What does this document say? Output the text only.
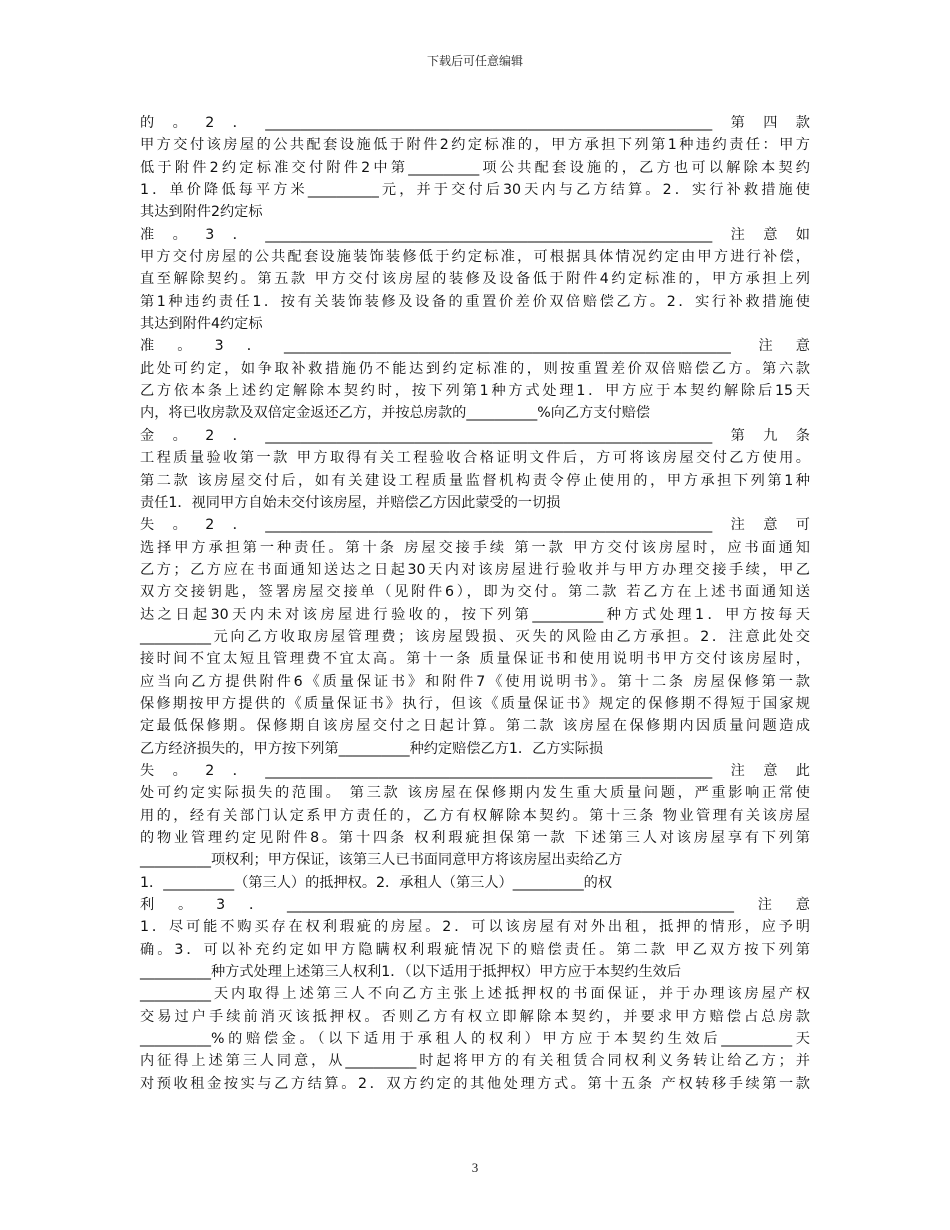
下载后可任意编辑
的。2．_______________________________________________________________第四款
甲方交付该房屋的公共配套设施低于附件2约定标准的，甲方承担下列第1种违约责任：甲方
低于附件2约定标准交付附件2中第__________项公共配套设施的，乙方也可以解除本契约
1．单价降低每平方米__________元，并于交付后30天内与乙方结算。2．实行补救措施使
其达到附件2约定标
准。3．_______________________________________________________________注意如
甲方交付房屋的公共配套设施装饰装修低于约定标准，可根据具体情况约定由甲方进行补偿，
直至解除契约。第五款 甲方交付该房屋的装修及设备低于附件4约定标准的，甲方承担上列
第1种违约责任1．按有关装饰装修及设备的重置价差价双倍赔偿乙方。2．实行补救措施使
其达到附件4约定标
准。3．_______________________________________________________________ 注意
此处可约定，如争取补救措施仍不能达到约定标准的，则按重置差价双倍赔偿乙方。第六款
乙方依本条上述约定解除本契约时，按下列第1种方式处理1．甲方应于本契约解除后15天
内，将已收房款及双倍定金返还乙方，并按总房款的__________%向乙方支付赔偿
金。2．_______________________________________________________________第九条
工程质量验收第一款 甲方取得有关工程验收合格证明文件后，方可将该房屋交付乙方使用。
第二款 该房屋交付后，如有关建设工程质量监督机构责令停止使用的，甲方承担下列第1种
责任1．视同甲方自始未交付该房屋，并赔偿乙方因此蒙受的一切损
失。2．_______________________________________________________________注意可
选择甲方承担第一种责任。第十条 房屋交接手续 第一款 甲方交付该房屋时，应书面通知
乙方；乙方应在书面通知送达之日起30天内对该房屋进行验收并与甲方办理交接手续，甲乙
双方交接钥匙，签署房屋交接单（见附件6），即为交付。第二款 若乙方在上述书面通知送
达之日起30天内未对该房屋进行验收的，按下列第__________种方式处理1．甲方按每天
__________元向乙方收取房屋管理费；该房屋毁损、灭失的风险由乙方承担。2．注意此处交
接时间不宜太短且管理费不宜太高。第十一条 质量保证书和使用说明书甲方交付该房屋时，
应当向乙方提供附件6《质量保证书》和附件7《使用说明书》。第十二条 房屋保修第一款
保修期按甲方提供的《质量保证书》执行，但该《质量保证书》规定的保修期不得短于国家规
定最低保修期。保修期自该房屋交付之日起计算。第二款 该房屋在保修期内因质量问题造成
乙方经济损失的，甲方按下列第__________种约定赔偿乙方1．乙方实际损
失。2．_______________________________________________________________注意此
处可约定实际损失的范围。 第三款 该房屋在保修期内发生重大质量问题，严重影响正常使
用的，经有关部门认定系甲方责任的，乙方有权解除本契约。第十三条 物业管理有关该房屋
的物业管理约定见附件8。第十四条 权利瑕疵担保第一款 下述第三人对该房屋享有下列第
__________项权利；甲方保证，该第三人已书面同意甲方将该房屋出卖给乙方
1．__________（第三人）的抵押权。2．承租人（第三人）__________的权
利。3．_______________________________________________________________注意
1．尽可能不购买存在权利瑕疵的房屋。2．可以该房屋有对外出租，抵押的情形，应予明
确。3．可以补充约定如甲方隐瞒权利瑕疵情况下的赔偿责任。第二款 甲乙双方按下列第
__________种方式处理上述第三人权利1．（以下适用于抵押权）甲方应于本契约生效后
__________天内取得上述第三人不向乙方主张上述抵押权的书面保证，并于办理该房屋产权
交易过户手续前消灭该抵押权。否则乙方有权立即解除本契约，并要求甲方赔偿占总房款
__________%的赔偿金。（以下适用于承租人的权利）甲方应于本契约生效后__________天
内征得上述第三人同意，从__________时起将甲方的有关租赁合同权利义务转让给乙方；并
对预收租金按实与乙方结算。2．双方约定的其他处理方式。第十五条 产权转移手续第一款
3
